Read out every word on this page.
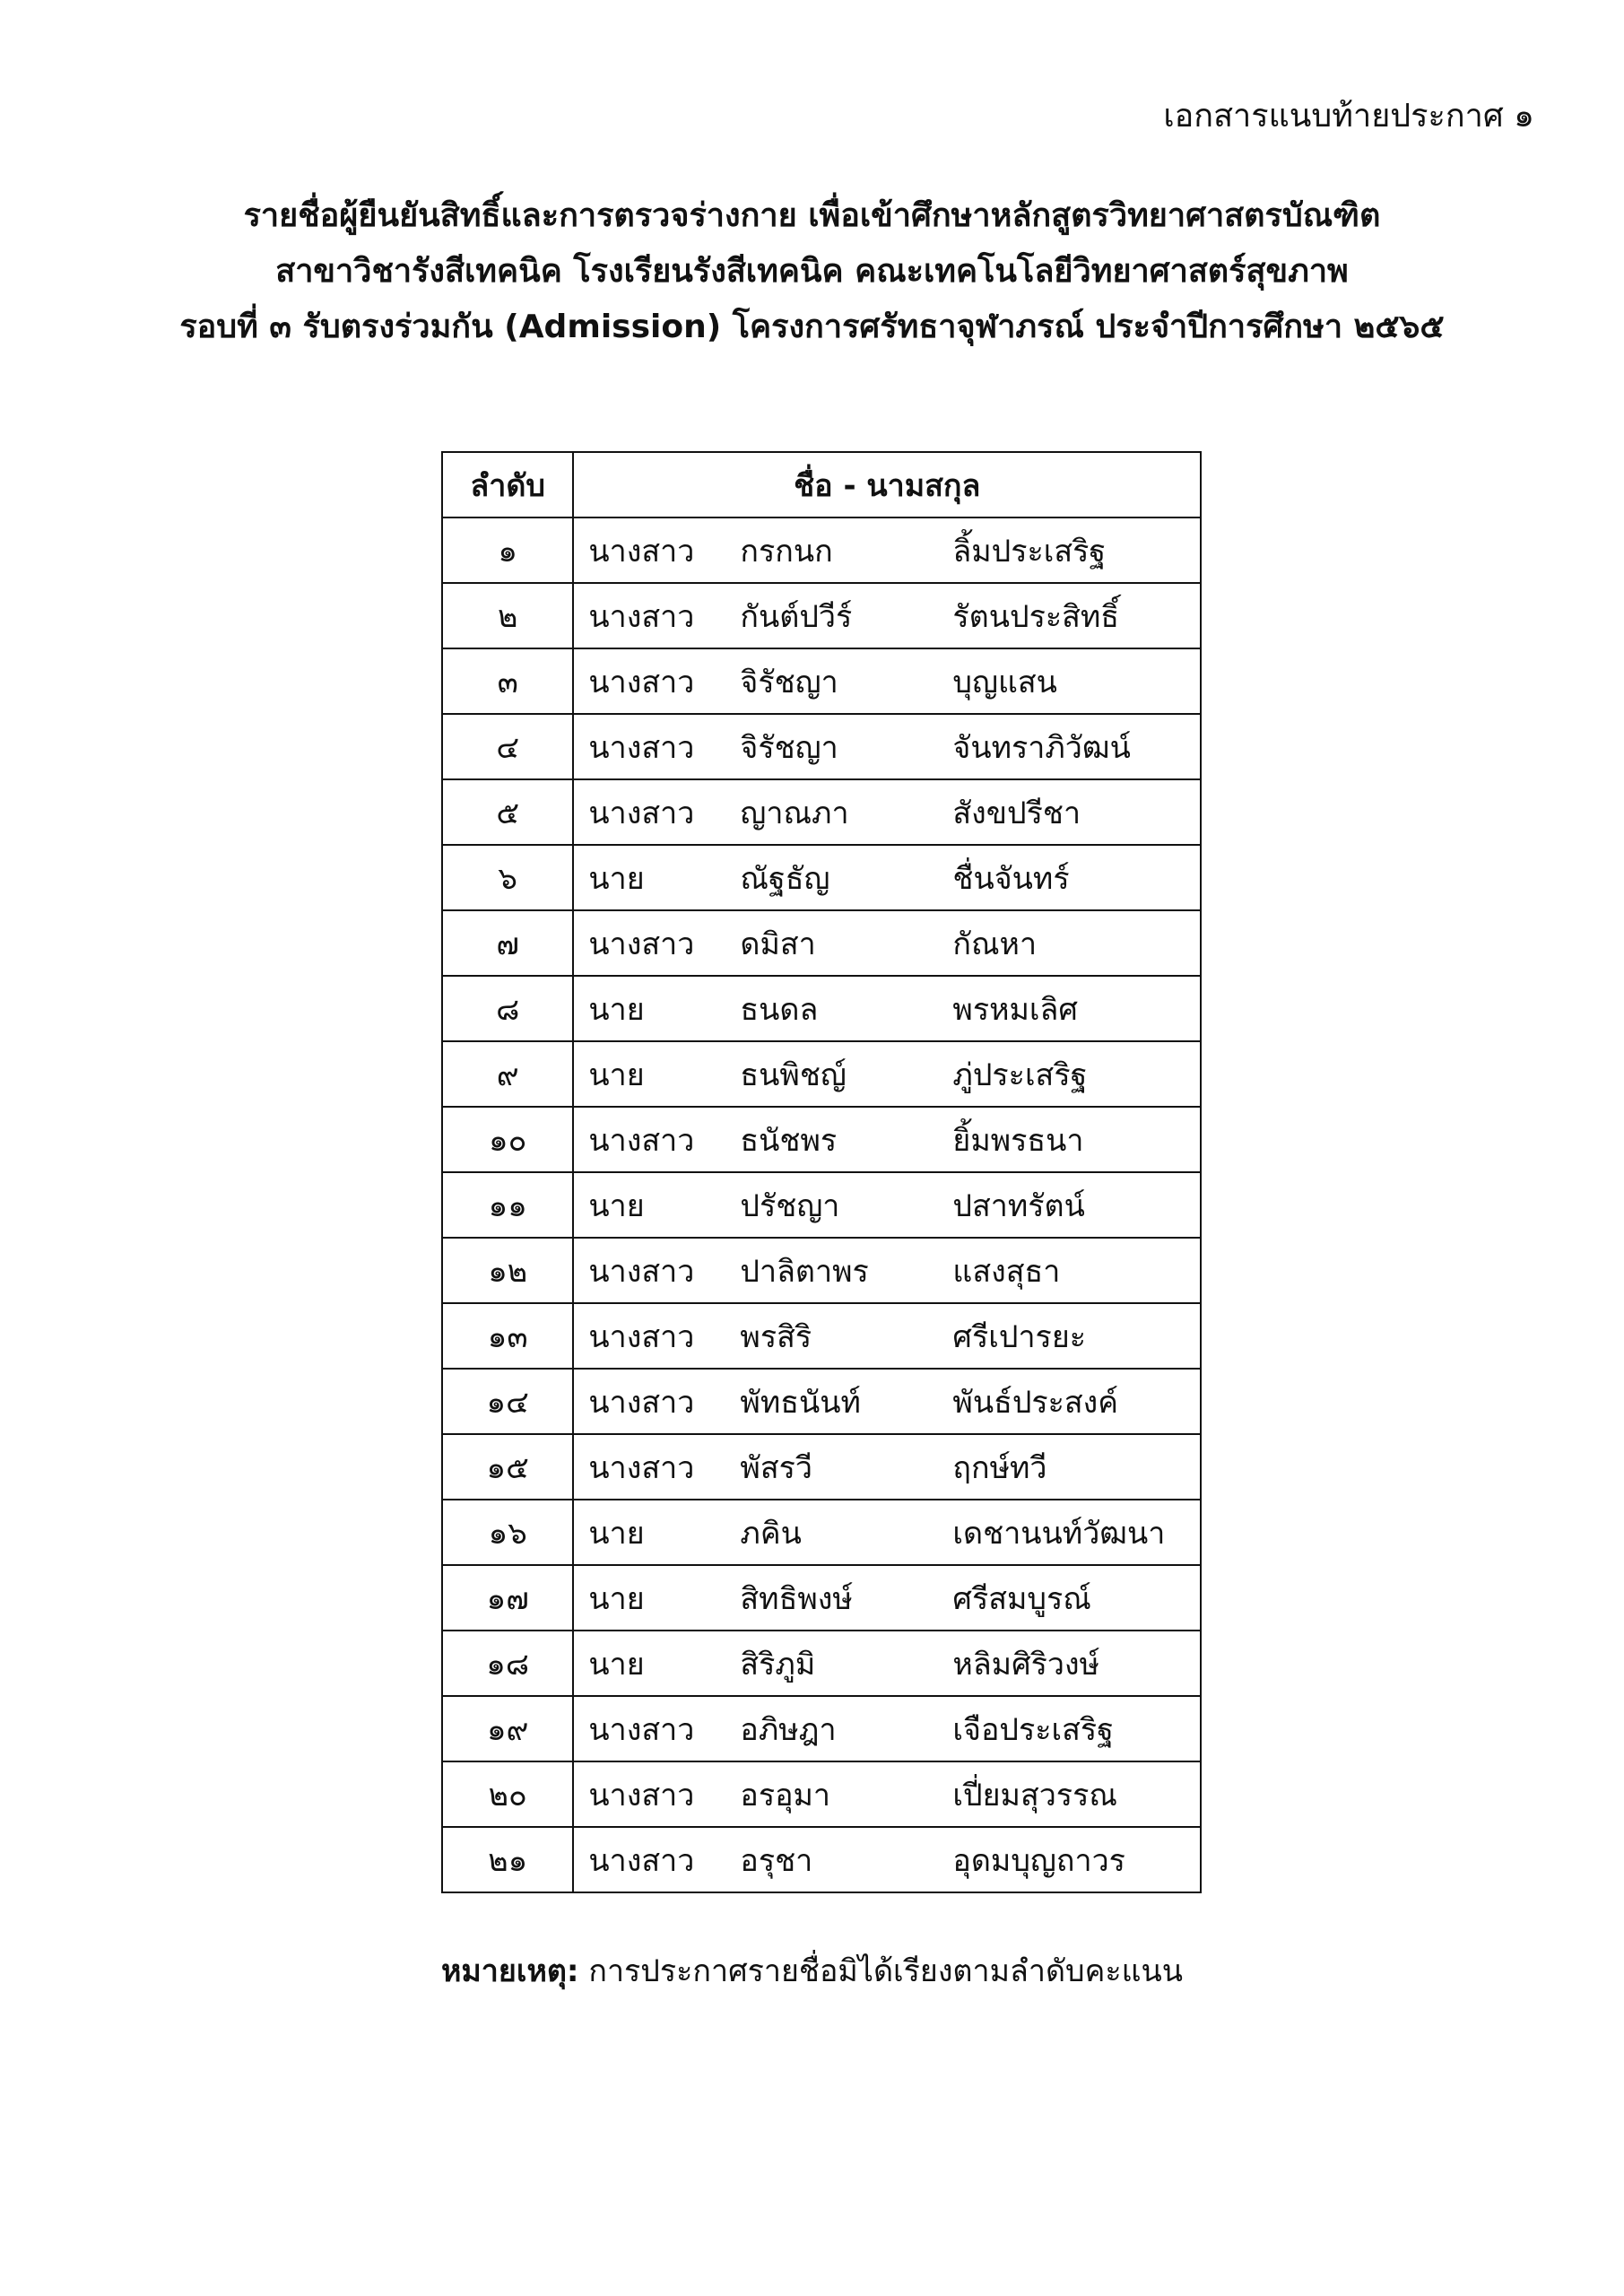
เอกสารแนบท้ายประกาศ ๑
รายชื่อผู้ยืนยันสิทธิ์และการตรวจร่างกาย เพื่อเข้าศึกษาหลักสูตรวิทยาศาสตรบัณฑิต
สาขาวิชารังสีเทคนิค โรงเรียนรังสีเทคนิค คณะเทคโนโลยีวิทยาศาสตร์สุขภาพ
รอบที่ ๓ รับตรงร่วมกัน (Admission) โครงการศรัทธาจุฬาภรณ์ ประจำปีการศึกษา ๒๕๖๕
ลำดับ	ชื่อ - นามสกุล
๑	นางสาว กรกนก ลิ้มประเสริฐ

๒	นางสาว กันต์ปวีร์ รัตนประสิทธิ์

๓	นางสาว จิรัชญา บุญแสน

๔	นางสาว จิรัชญา จันทราภิวัฒน์

๕	นางสาว ญาณภา สังขปรีชา

๖	นาย ณัฐธัญ ชื่นจันทร์

๗	นางสาว ดมิสา กัณหา

๘	นาย ธนดล พรหมเลิศ

๙	นาย ธนพิชญ์ ภู่ประเสริฐ

๑๐	นางสาว ธนัชพร ยิ้มพรธนา

๑๑	นาย ปรัชญา ปสาทรัตน์

๑๒	นางสาว ปาลิตาพร แสงสุธา

๑๓	นางสาว พรสิริ ศรีเปารยะ

๑๔	นางสาว พัทธนันท์ พันธ์ประสงค์

๑๕	นางสาว พัสรวี ฤกษ์ทวี

๑๖	นาย ภคิน เดชานนท์วัฒนา

๑๗	นาย สิทธิพงษ์ ศรีสมบูรณ์

๑๘	นาย สิริภูมิ หลิมศิริวงษ์

๑๙	นางสาว อภิษฎา เจือประเสริฐ

๒๐	นางสาว อรอุมา เปี่ยมสุวรรณ

๒๑	นางสาว อรุชา อุดมบุญถาวร
หมายเหตุ: การประกาศรายชื่อมิได้เรียงตามลำดับคะแนน
